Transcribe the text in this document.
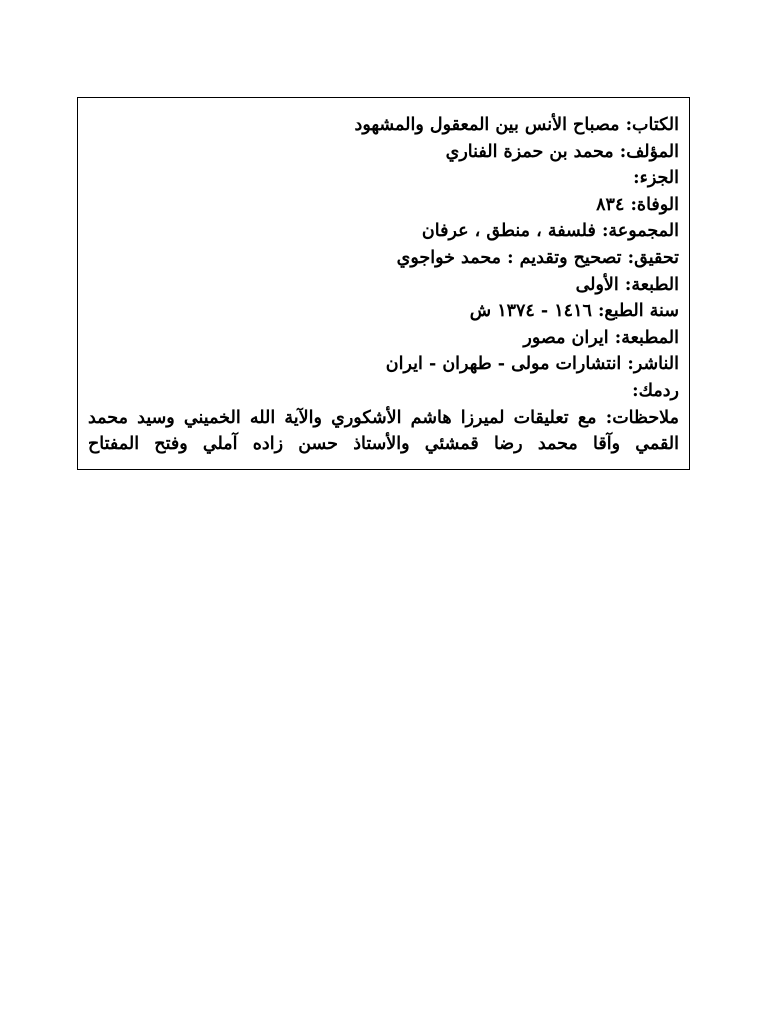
الكتاب: مصباح الأنس بين المعقول والمشهود
المؤلف: محمد بن حمزة الفناري
الجزء:
الوفاة: ٨٣٤
المجموعة: فلسفة ، منطق ، عرفان
تحقيق: تصحيح وتقديم : محمد خواجوي
الطبعة: الأولى
سنة الطبع: ١٤١٦ - ١٣٧٤ ش
المطبعة: ايران مصور
الناشر: انتشارات مولى - طهران - ايران
ردمك:
ملاحظات: مع تعليقات لميرزا هاشم الأشكوري والآية الله الخميني وسيد محمد القمي وآقا محمد رضا قمشئي والأستاذ حسن زاده آملي وفتح المفتاح
